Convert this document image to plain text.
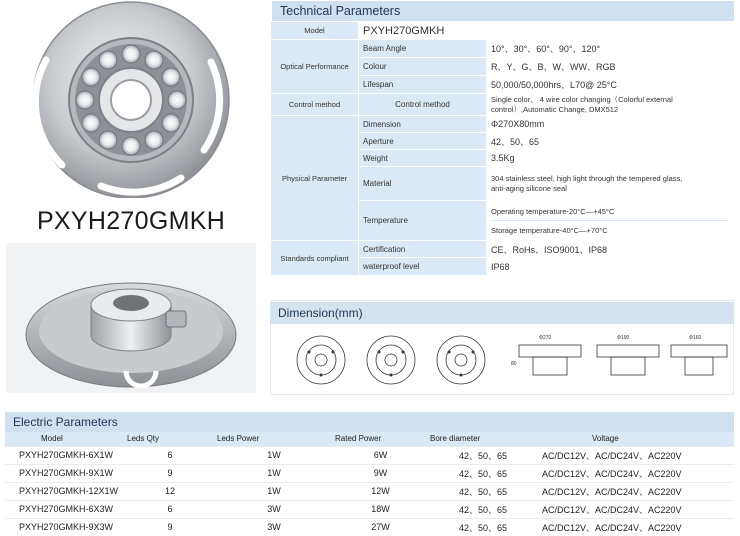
PXYH270GMKH
Technical Parameters
Model	PXYH270GMKH	
Optical Performance	Beam Angle	10°、30°、60°、90°、120°
	Colour	R、Y、G、B、W、WW、RGB
	Lifespan	50,000/50,000hrs、L70@ 25°C
Control method	Control method	Single color、 4 wire color changing（Colorful external
control）,Automatic Change, DMX512

Physical Parameter	Dimension	Φ270X80mm
	Aperture	42、50、65
	Weight	3.5Kg
	Material	304 stainless steel, high light through the tempered glass,
anti-aging silicone seal

	Temperature	Operating temperature-20°C—+45°C
Storage temperature-40°C—+70°C

Standards compliant	Certification	CE、RoHs、ISO9001、IP68
	waterproof level	IP68
Φ270	Φ190	Φ160
80
Dimension(mm)
Electric Parameters
Model	Leds Qty	Leds Power	Rated Power	Bore diameter	Voltage
PXYH270GMKH-6X1W	6	1W	6W	42、50、65	AC/DC12V、AC/DC24V、AC220V
PXYH270GMKH-9X1W	9	1W	9W	42、50、65	AC/DC12V、AC/DC24V、AC220V
PXYH270GMKH-12X1W	12	1W	12W	42、50、65	AC/DC12V、AC/DC24V、AC220V
PXYH270GMKH-6X3W	6	3W	18W	42、50、65	AC/DC12V、AC/DC24V、AC220V
PXYH270GMKH-9X3W	9	3W	27W	42、50、65	AC/DC12V、AC/DC24V、AC220V
